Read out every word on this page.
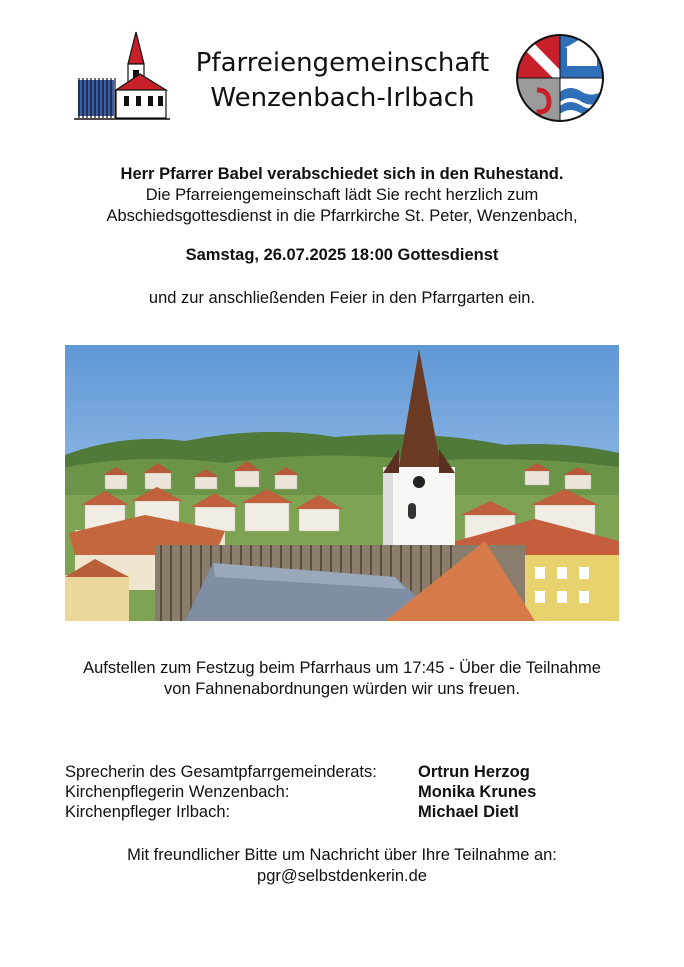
Pfarreiengemeinschaft
Wenzenbach-Irlbach
Herr Pfarrer Babel verabschiedet sich in den Ruhestand.
Die Pfarreiengemeinschaft lädt Sie recht herzlich zum
Abschiedsgottesdienst in die Pfarrkirche St. Peter, Wenzenbach,
Samstag, 26.07.2025 18:00 Gottesdienst
und zur anschließenden Feier in den Pfarrgarten ein.
Aufstellen zum Festzug beim Pfarrhaus um 17:45 - Über die Teilnahme
von Fahnenabordnungen würden wir uns freuen.
Sprecherin des Gesamtpfarrgemeinderats:	Ortrun Herzog
Kirchenpflegerin Wenzenbach:	Monika Krunes
Kirchenpfleger Irlbach:	Michael Dietl
Mit freundlicher Bitte um Nachricht über Ihre Teilnahme an:
pgr@selbstdenkerin.de
